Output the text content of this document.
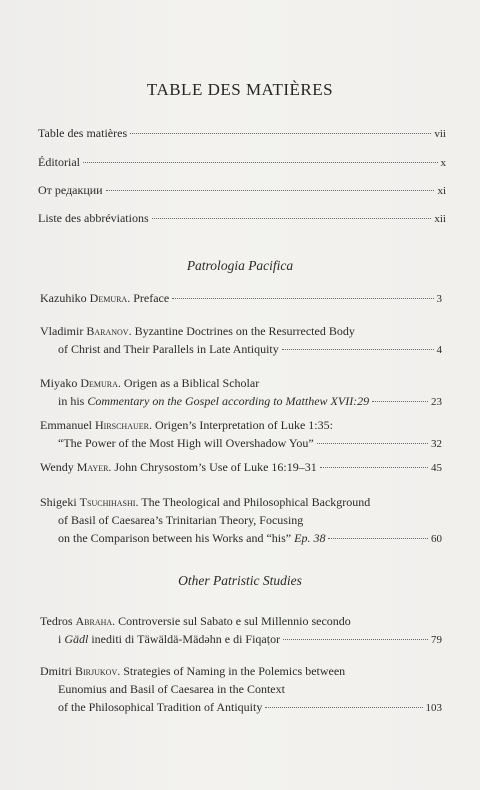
TABLE DES MATIÈRES
Table des matières	vii
Éditorial	x
От редакции	xi
Liste des abbréviations	xii
Patrologia Pacifica
Kazuhiko Demura. Preface	3
Vladimir Baranov. Byzantine Doctrines on the Resurrected Body
of Christ and Their Parallels in Late Antiquity	4
Miyako Demura. Origen as a Biblical Scholar
in his Commentary on the Gospel according to Matthew XVII:29	23
Emmanuel Hirschauer. Origen’s Interpretation of Luke 1:35:
“The Power of the Most High will Overshadow You”	32
Wendy Mayer. John Chrysostom’s Use of Luke 16:19–31	45
Shigeki Tsuchihashi. The Theological and Philosophical Background
of Basil of Caesarea’s Trinitarian Theory, Focusing
on the Comparison between his Works and “his” Ep. 38	60
Other Patristic Studies
Tedros Abraha. Controversie sul Sabato e sul Millennio secondo
i Gädl inediti di Täwäldä-Mädəhn e di Fiqaṭor	79
Dmitri Birjukov. Strategies of Naming in the Polemics between
Eunomius and Basil of Caesarea in the Context
of the Philosophical Tradition of Antiquity	103
